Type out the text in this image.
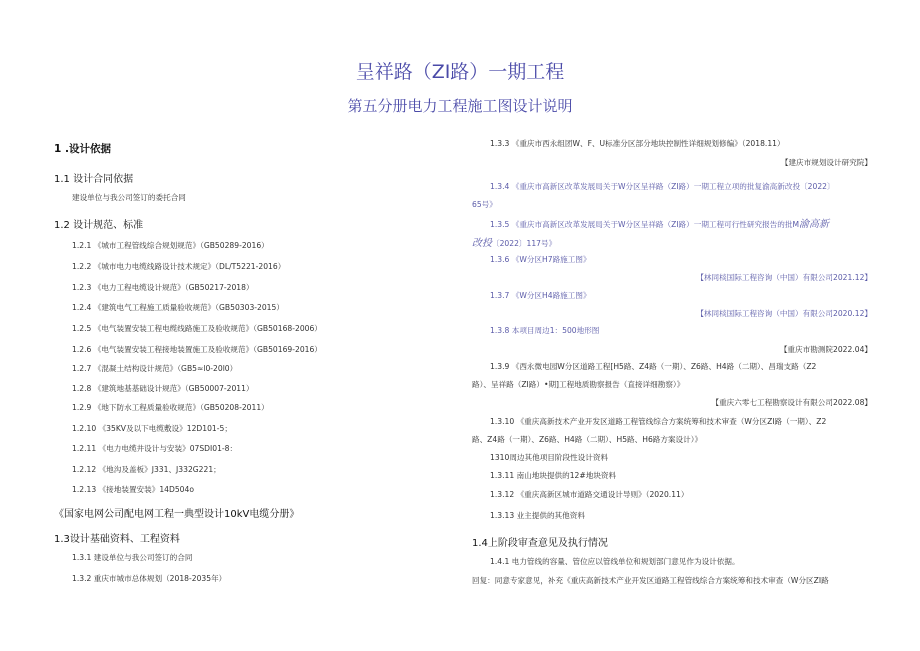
呈祥路（ZI路）一期工程
第五分册电力工程施工图设计说明
1 .设计依据
1.1 设计合同依据
建设单位与我公司签订的委托合同
1.2 设计规范、标准
1.2.1 《城市工程管线综合规划规范》（GB50289-2016）
1.2.2 《城市电力电缆线路设计技术规定》（DL/T5221-2016）
1.2.3 《电力工程电缆设计规范》（GB50217-2018）
1.2.4 《建筑电气工程施工质量验收规范》（GB50303-2015）
1.2.5 《电气装置安装工程电缆线路施工及验收规范》（GB50168-2006）
1.2.6 《电气装置安装工程接地装置施工及验收规范》（GB50169-2016）
1.2.7 《混凝土结构设计规范》（GB5≈l0-20l0）
1.2.8 《建筑地基基础设计规范》（GB50007-2011）
1.2.9 《地下防水工程质量验收规范》（GB50208-2011）
1.2.10 《35KV及以下电缆敷设》12D101-5；
1.2.11 《电力电缆井设计与安装》07SDI01-8：
1.2.12 《地沟及盖板》J331、J332G221；
1.2.13 《接地装置安装》14D504o
《国家电网公司配电网工程一典型设计10kV电缆分册》
1.3设计基础资料、工程资料
1.3.1 建设单位与我公司签订的合同
1.3.2 重庆市城市总体规划（2018-2035年）
1.3.3 《重庆市西永组团W、F、U标准分区部分地块控制性详细规划修编》（2018.11）
【建庆市规划设计研究院】
1.3.4 《重庆市高新区改革发展局关于W分区呈祥路（ZI路）一期工程立项的批复渝高新改投〔2022〕
65号》
1.3.5 《重庆市高新区改革发展局关于W分区呈祥路（ZI路）一期工程可行性研究报告的批M渝高新
改投〔2022〕117号》
1.3.6 《W分区H7路施工图》
【林同棪国际工程咨询（中国）有限公司2021.12】
1.3.7 《W分区H4路施工图》
【林同棪国际工程咨询（中国）有限公司2020.12】
1.3.8 本项目周边1：500地形图
【重庆市勘测院2022.04】
1.3.9 《西永微电园W分区道路工程[H5路、Z4路（一期）、Z6路、H4路（二期）、昌瑞支路（Z2
路）、呈祥路（ZI路）•期]工程地质勘察报告（直接详细勘察）》
【重庆六零七工程勘察设计有限公司2022.08】
1.3.10 《重庆高新技术产业开发区道路工程管线综合方案统筹和技术审查（W分区ZI路（一期）、Z2
路、Z4路（一期）、Z6路、H4路（二期）、H5路、H6路方案设计）》
1310周边其他项目阶段性设计资料
1.3.11 南山地块提供的12#地块资料
1.3.12 《重庆高新区城市道路交通设计导则》（2020.11）
1.3.13 业主提供的其他资料
1.4上阶段审查意见及执行情况
1.4.1 电力管线的容量、管位应以管线单位和规划部门意见作为设计依据。
回复：同意专家意见，补充《重庆高新技术产业开发区道路工程管线综合方案统筹和技术审查（W分区ZI路
